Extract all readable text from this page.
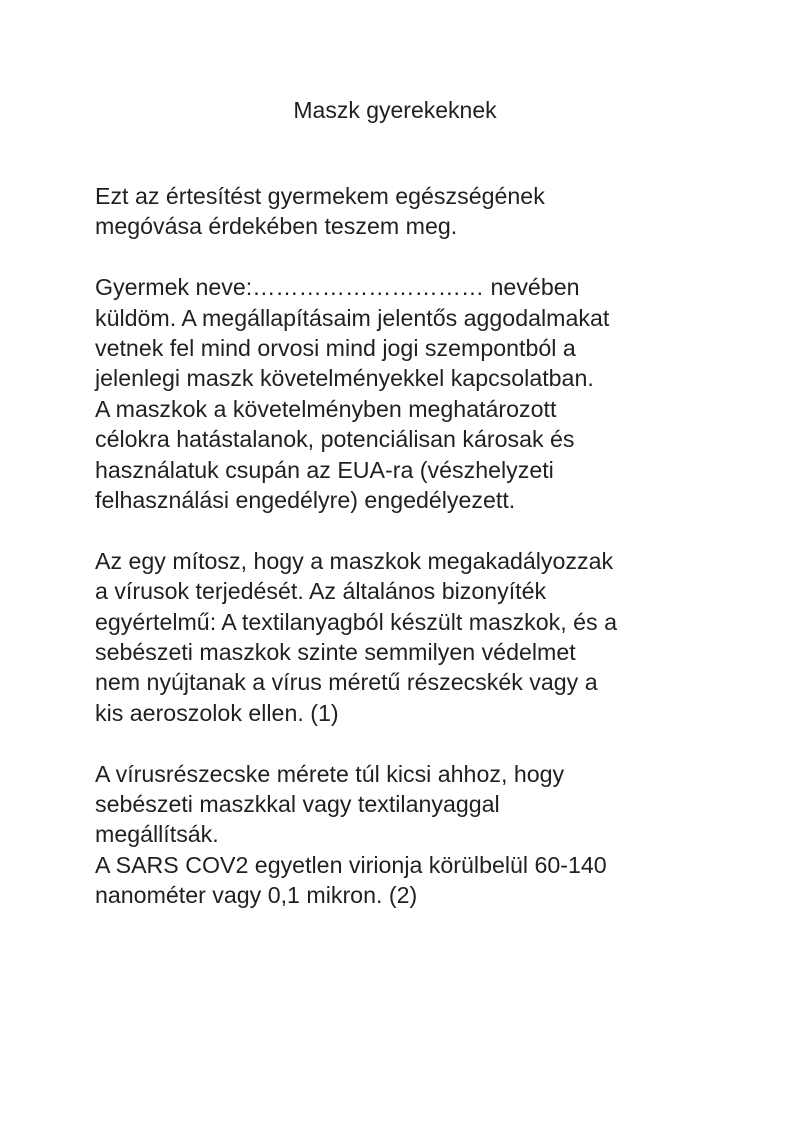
Maszk gyerekeknek
Ezt az értesítést gyermekem egészségének
megóvása érdekében teszem meg.
Gyermek neve:………………………… nevében
küldöm. A megállapításaim jelentős aggodalmakat
vetnek fel mind orvosi mind jogi szempontból a
jelenlegi maszk követelményekkel kapcsolatban.
A maszkok a követelményben meghatározott
célokra hatástalanok, potenciálisan károsak és
használatuk csupán az EUA-ra (vészhelyzeti
felhasználási engedélyre) engedélyezett.
Az egy mítosz, hogy a maszkok megakadályozzak
a vírusok terjedését. Az általános bizonyíték
egyértelmű: A textilanyagból készült maszkok, és a
sebészeti maszkok szinte semmilyen védelmet
nem nyújtanak a vírus méretű részecskék vagy a
kis aeroszolok ellen. (1)
A vírusrészecske mérete túl kicsi ahhoz, hogy
sebészeti maszkkal vagy textilanyaggal
megállítsák.
A SARS COV2 egyetlen virionja körülbelül 60-140
nanométer vagy 0,1 mikron. (2)
